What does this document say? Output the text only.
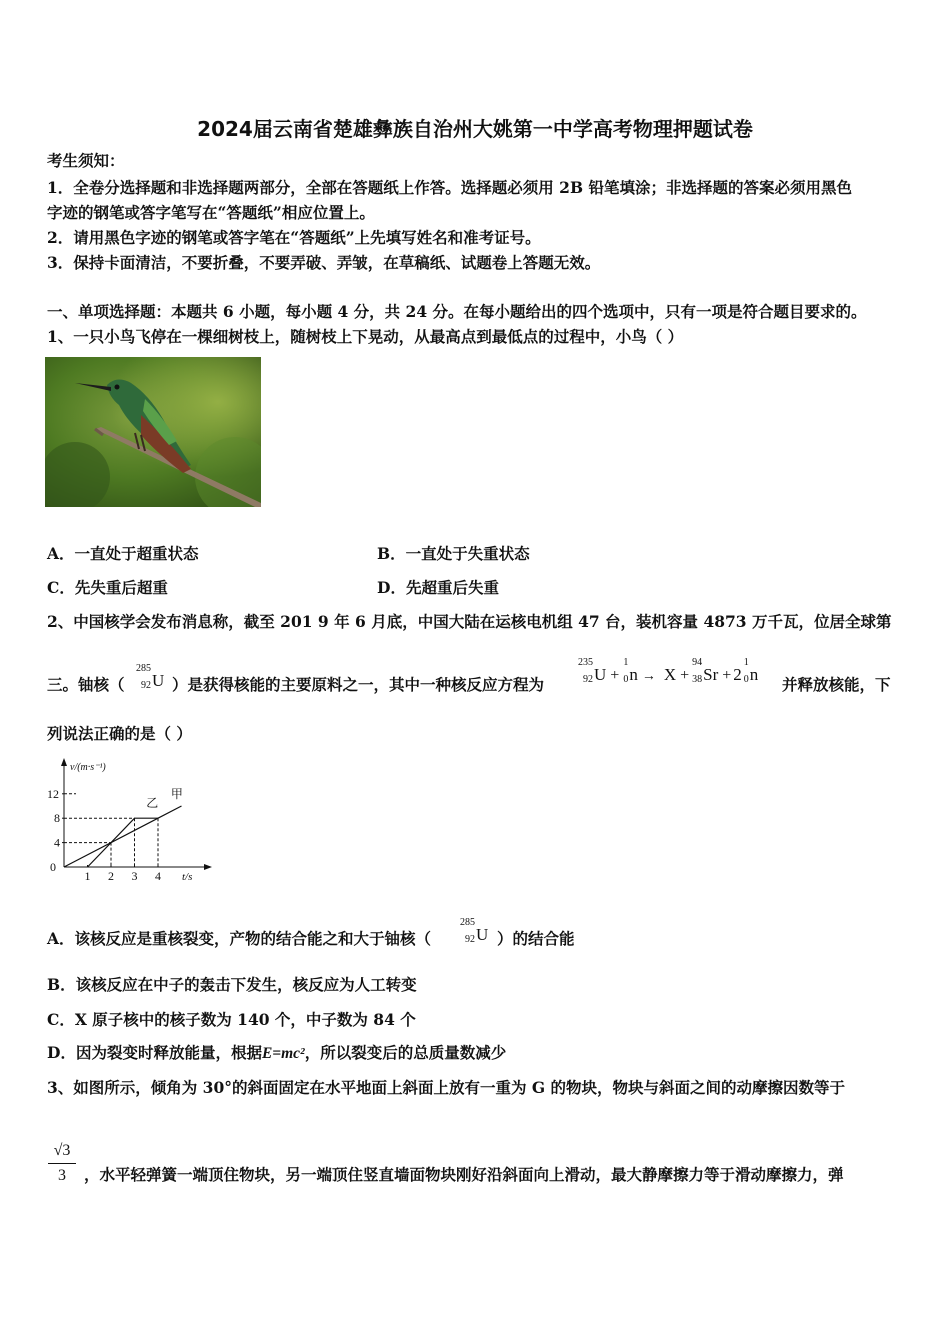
2024届云南省楚雄彝族自治州大姚第一中学高考物理押题试卷
考生须知：
1．全卷分选择题和非选择题两部分，全部在答题纸上作答。选择题必须用 2B 铅笔填涂；非选择题的答案必须用黑色
字迹的钢笔或答字笔写在“答题纸”相应位置上。
2．请用黑色字迹的钢笔或答字笔在“答题纸”上先填写姓名和准考证号。
3．保持卡面清洁，不要折叠，不要弄破、弄皱，在草稿纸、试题卷上答题无效。
一、单项选择题：本题共 6 小题，每小题 4 分，共 24 分。在每小题给出的四个选项中，只有一项是符合题目要求的。
1、一只小鸟飞停在一棵细树枝上，随树枝上下晃动，从最高点到最低点的过程中，小鸟（ ）
A．一直处于超重状态	B．一直处于失重状态
C．先失重后超重	D．先超重后失重
2、中国核学会发布消息称，截至 201 9 年 6 月底，中国大陆在运核电机组 47 台，装机容量 4873 万千瓦，位居全球第
三。铀核（
285
92 U ）是获得核能的主要原料之一，其中一种核反应方程为
235
92 U +
1
0 n → X +
94
38 Sr + 2
1
0 n
并释放核能，下
列说法正确的是（ ）
v/(m·s⁻¹)
t/s
0
4
8
12
1 2 3 4
乙
甲
A．该核反应是重核裂变，产物的结合能之和大于铀核（
285
92 U ）的结合能
B．该核反应在中子的轰击下发生，核反应为人工转变
C．X 原子核中的核子数为 140 个，中子数为 84 个
D．因为裂变时释放能量，根据E=mc²，所以裂变后的总质量数减少
3、如图所示，倾角为 30°的斜面固定在水平地面上斜面上放有一重为 G 的物块，物块与斜面之间的动摩擦因数等于
$\frac{√3}{3}$ ，水平轻弹簧一端顶住物块，另一端顶住竖直墙面物块刚好沿斜面向上滑动，最大静摩擦力等于滑动摩擦力，弹
